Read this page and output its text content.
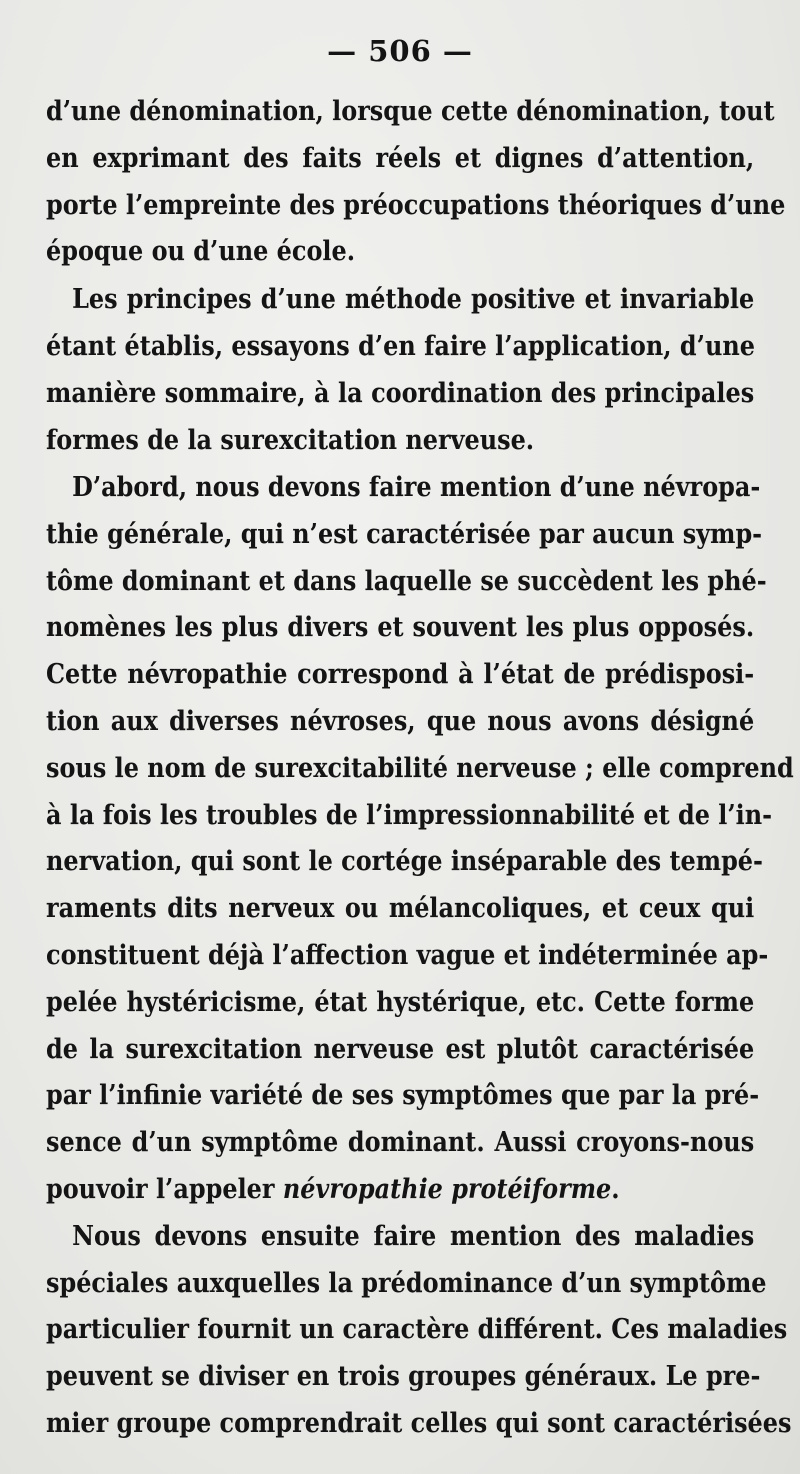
— 506 —
d’une dénomination, lorsque cette dénomination, tout
en exprimant des faits réels et dignes d’attention,
porte l’empreinte des préoccupations théoriques d’une
époque ou d’une école.
Les principes d’une méthode positive et invariable
étant établis, essayons d’en faire l’application, d’une
manière sommaire, à la coordination des principales
formes de la surexcitation nerveuse.
D’abord, nous devons faire mention d’une névropa-
thie générale, qui n’est caractérisée par aucun symp-
tôme dominant et dans laquelle se succèdent les phé-
nomènes les plus divers et souvent les plus opposés.
Cette névropathie correspond à l’état de prédisposi-
tion aux diverses névroses, que nous avons désigné
sous le nom de surexcitabilité nerveuse ; elle comprend
à la fois les troubles de l’impressionnabilité et de l’in-
nervation, qui sont le cortége inséparable des tempé-
raments dits nerveux ou mélancoliques, et ceux qui
constituent déjà l’affection vague et indéterminée ap-
pelée hystéricisme, état hystérique, etc. Cette forme
de la surexcitation nerveuse est plutôt caractérisée
par l’infinie variété de ses symptômes que par la pré-
sence d’un symptôme dominant. Aussi croyons-nous
pouvoir l’appeler névropathie protéiforme.
Nous devons ensuite faire mention des maladies
spéciales auxquelles la prédominance d’un symptôme
particulier fournit un caractère différent. Ces maladies
peuvent se diviser en trois groupes généraux. Le pre-
mier groupe comprendrait celles qui sont caractérisées
